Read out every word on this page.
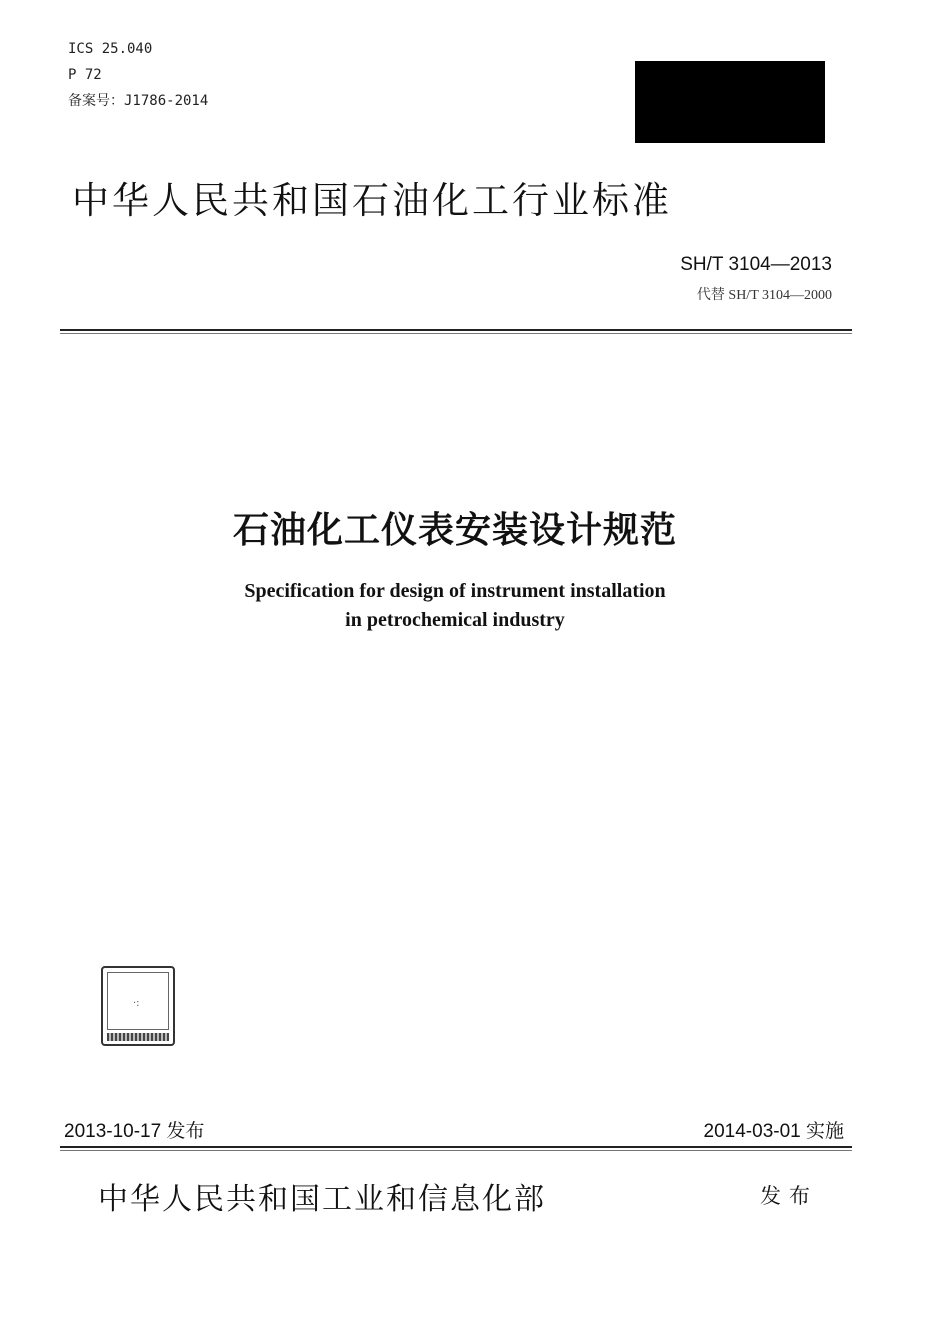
ICS 25.040
P 72
备案号：J1786-2014
中华人民共和国石油化工行业标准
SH/T 3104—2013
代替 SH/T 3104—2000
石油化工仪表安装设计规范
Specification for design of instrument installation
in petrochemical industry
·:
2013-10-17 发布	2014-03-01 实施
中华人民共和国工业和信息化部	发布
